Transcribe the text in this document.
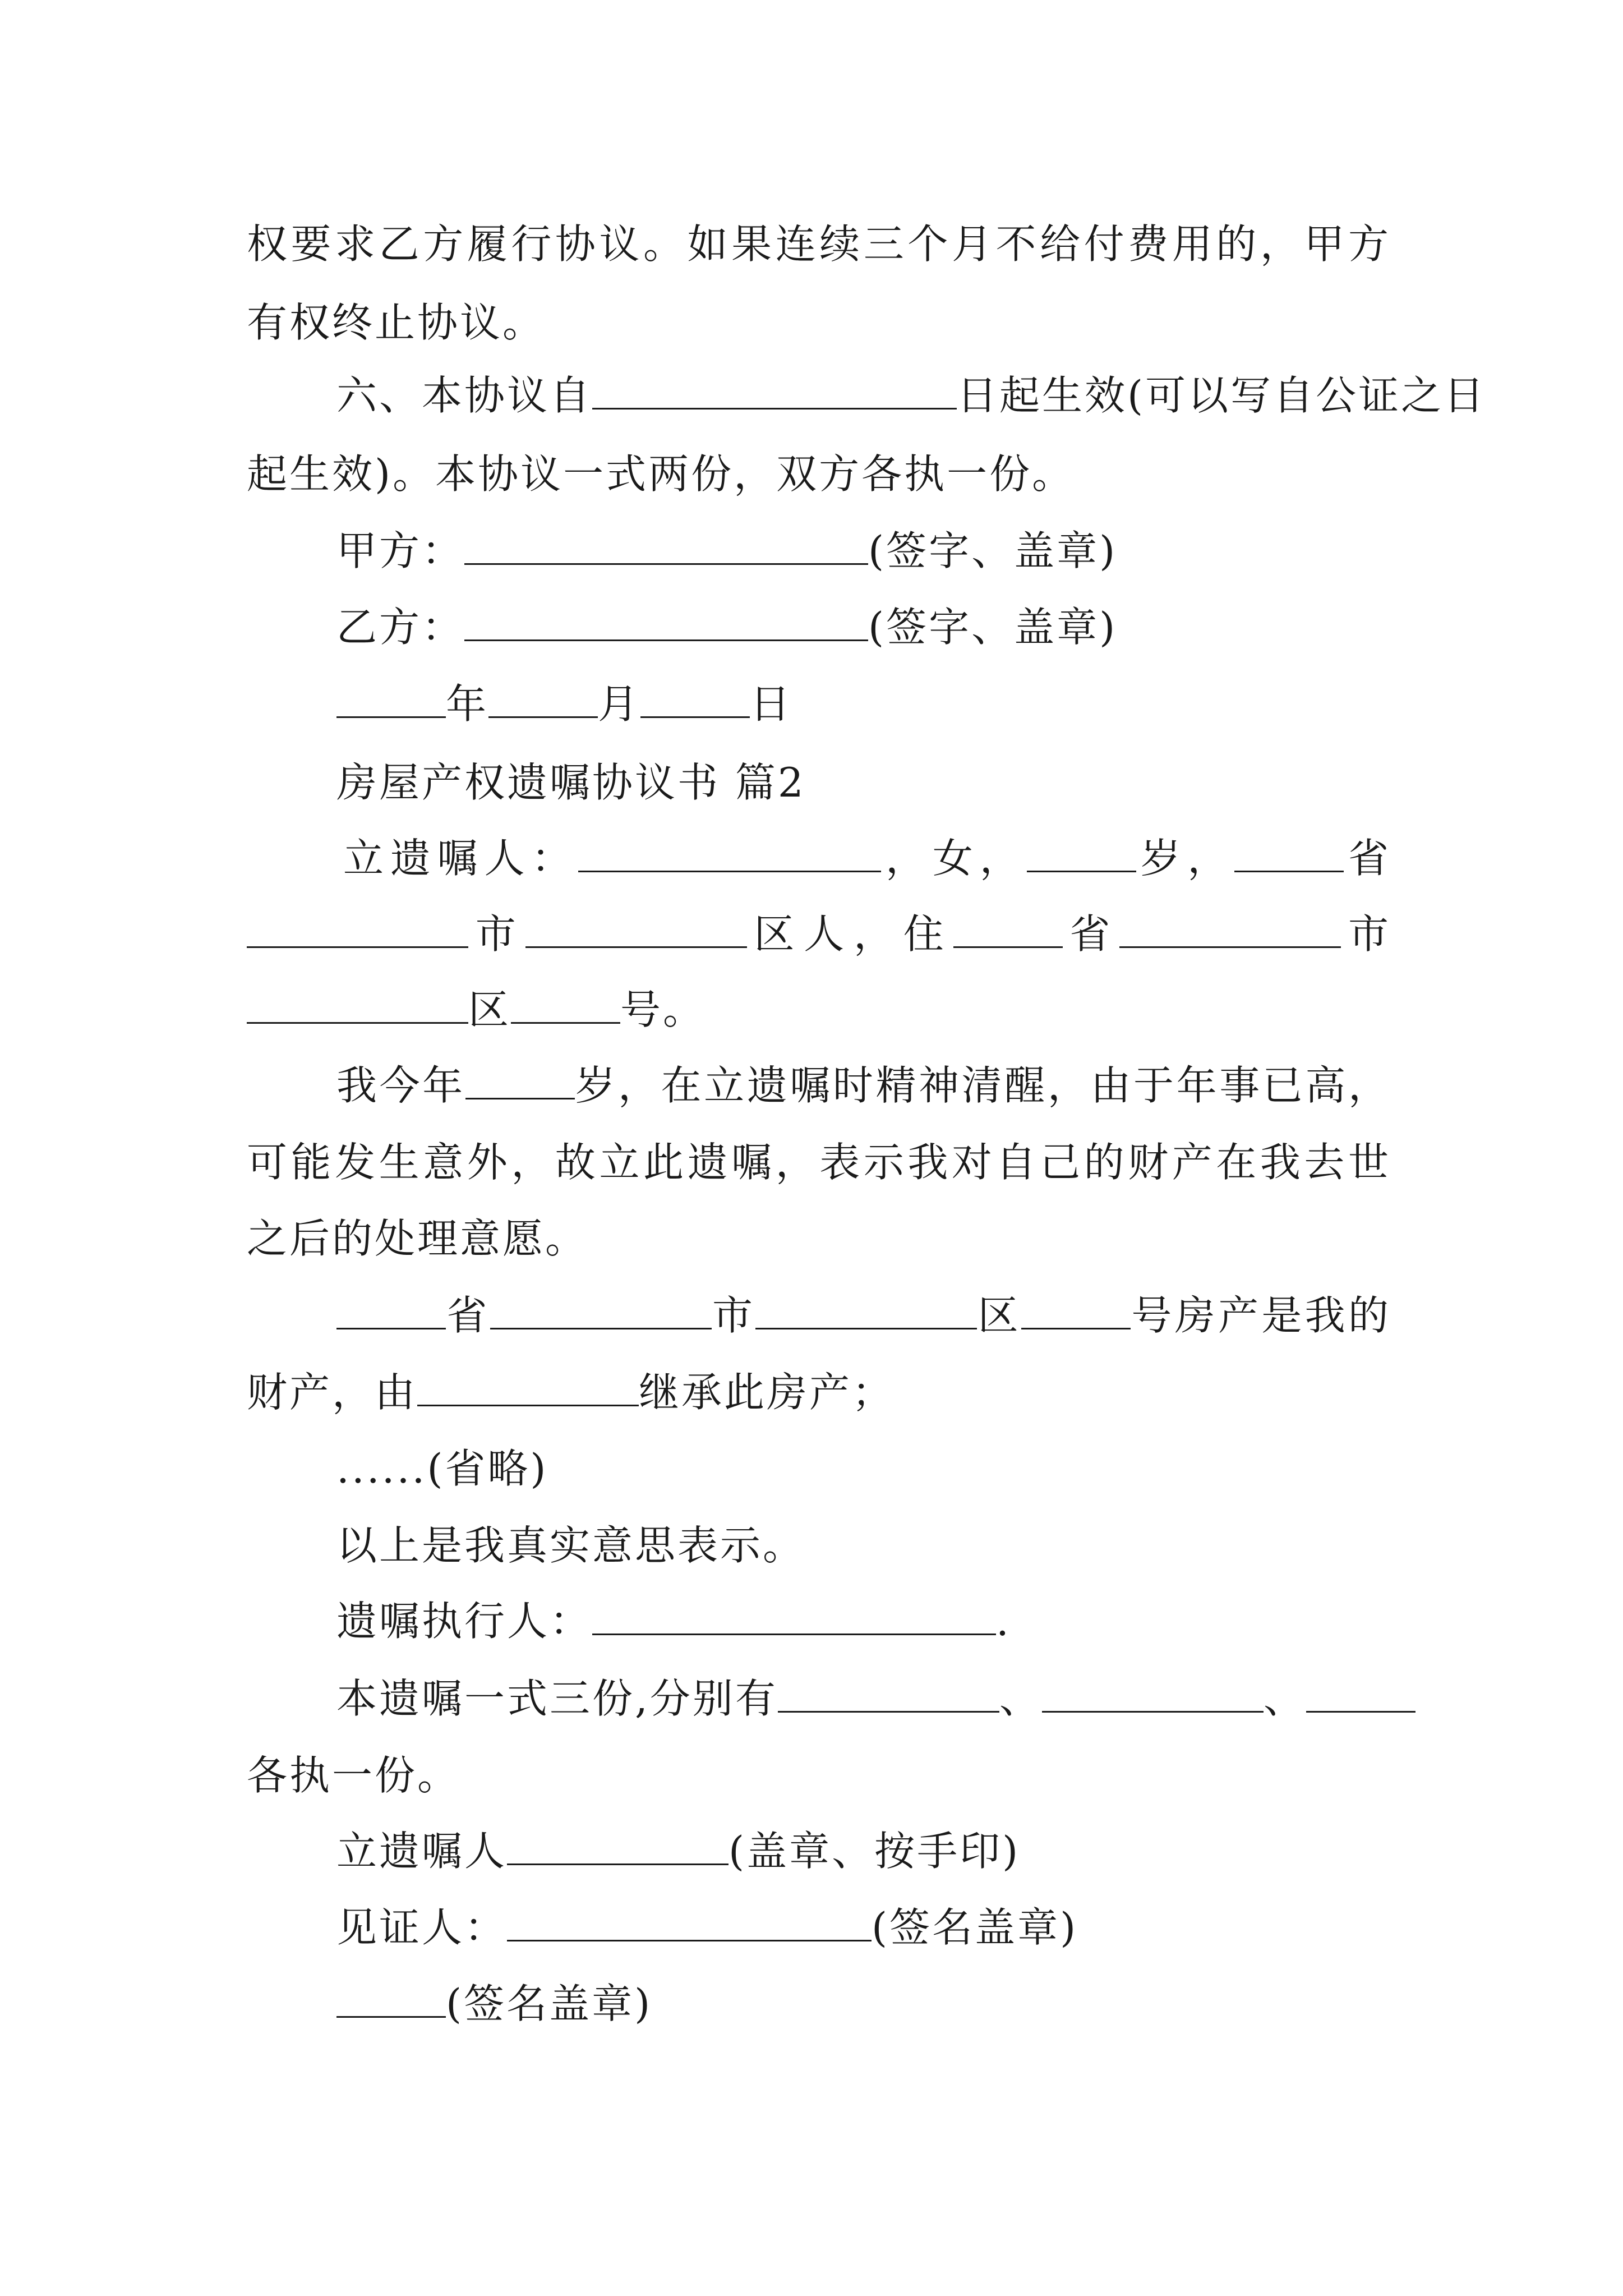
权要求乙方履行协议。如果连续三个月不给付费用的，甲方
有权终止协议。
六、本协议自	日起生效(可以写自公证之日
起生效)。本协议一式两份，双方各执一份。
甲方：	(签字、盖章)
乙方：	(签字、盖章)
年	月	日
房屋产权遗嘱协议书 篇2
立遗嘱人：	，女，	岁，	省
市	区人，住	省	市
区	号。
我今年	岁，在立遗嘱时精神清醒，由于年事已高，
可能发生意外，故立此遗嘱，表示我对自己的财产在我去世
之后的处理意愿。
省	市	区	号房产是我的
财产，由	继承此房产；
......(省略)
以上是我真实意思表示。
遗嘱执行人：	.
本遗嘱一式三份,分别有	、	、
各执一份。
立遗嘱人	(盖章、按手印)
见证人：	(签名盖章)
(签名盖章)
